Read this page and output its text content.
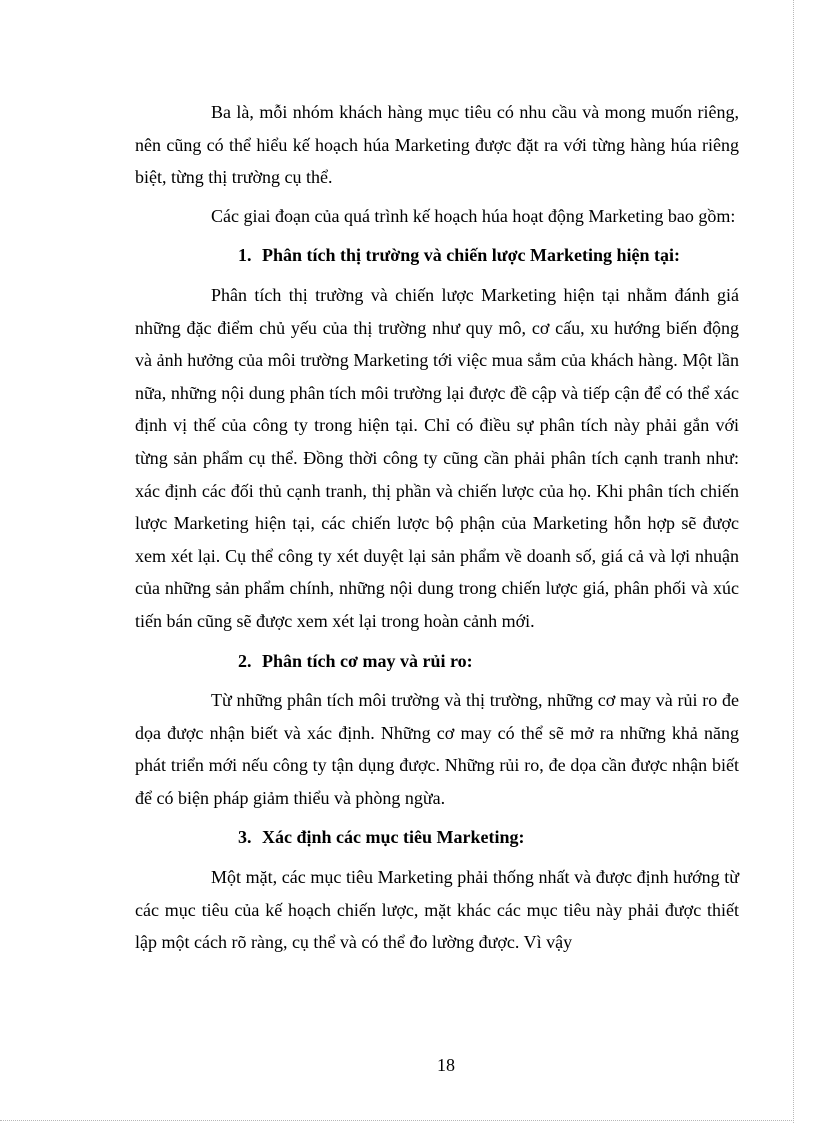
Ba là, mỗi nhóm khách hàng mục tiêu có nhu cầu và mong muốn riêng, nên cũng có thể hiểu kế hoạch húa Marketing được đặt ra với từng hàng húa riêng biệt, từng thị trường cụ thể.

Các giai đoạn của quá trình kế hoạch húa hoạt động Marketing bao gồm:

1. Phân tích thị trường và chiến lược Marketing hiện tại:

Phân tích thị trường và chiến lược Marketing hiện tại nhằm đánh giá những đặc điểm chủ yếu của thị trường như quy mô, cơ cấu, xu hướng biến động và ảnh hưởng của môi trường Marketing tới việc mua sắm của khách hàng. Một lần nữa, những nội dung phân tích môi trường lại được đề cập và tiếp cận để có thể xác định vị thế của công ty trong hiện tại. Chỉ có điều sự phân tích này phải gắn với từng sản phẩm cụ thể. Đồng thời công ty cũng cần phải phân tích cạnh tranh như: xác định các đối thủ cạnh tranh, thị phần và chiến lược của họ. Khi phân tích chiến lược Marketing hiện tại, các chiến lược bộ phận của Marketing hỗn hợp sẽ được xem xét lại. Cụ thể công ty xét duyệt lại sản phẩm về doanh số, giá cả và lợi nhuận của những sản phẩm chính, những nội dung trong chiến lược giá, phân phối và xúc tiến bán cũng sẽ được xem xét lại trong hoàn cảnh mới.

2. Phân tích cơ may và rủi ro:

Từ những phân tích môi trường và thị trường, những cơ may và rủi ro đe dọa được nhận biết và xác định. Những cơ may có thể sẽ mở ra những khả năng phát triển mới nếu công ty tận dụng được. Những rủi ro, đe dọa cần được nhận biết để có biện pháp giảm thiểu và phòng ngừa.

3. Xác định các mục tiêu Marketing:

Một mặt, các mục tiêu Marketing phải thống nhất và được định hướng từ các mục tiêu của kế hoạch chiến lược, mặt khác các mục tiêu này phải được thiết lập một cách rõ ràng, cụ thể và có thể đo lường được. Vì vậy

18
